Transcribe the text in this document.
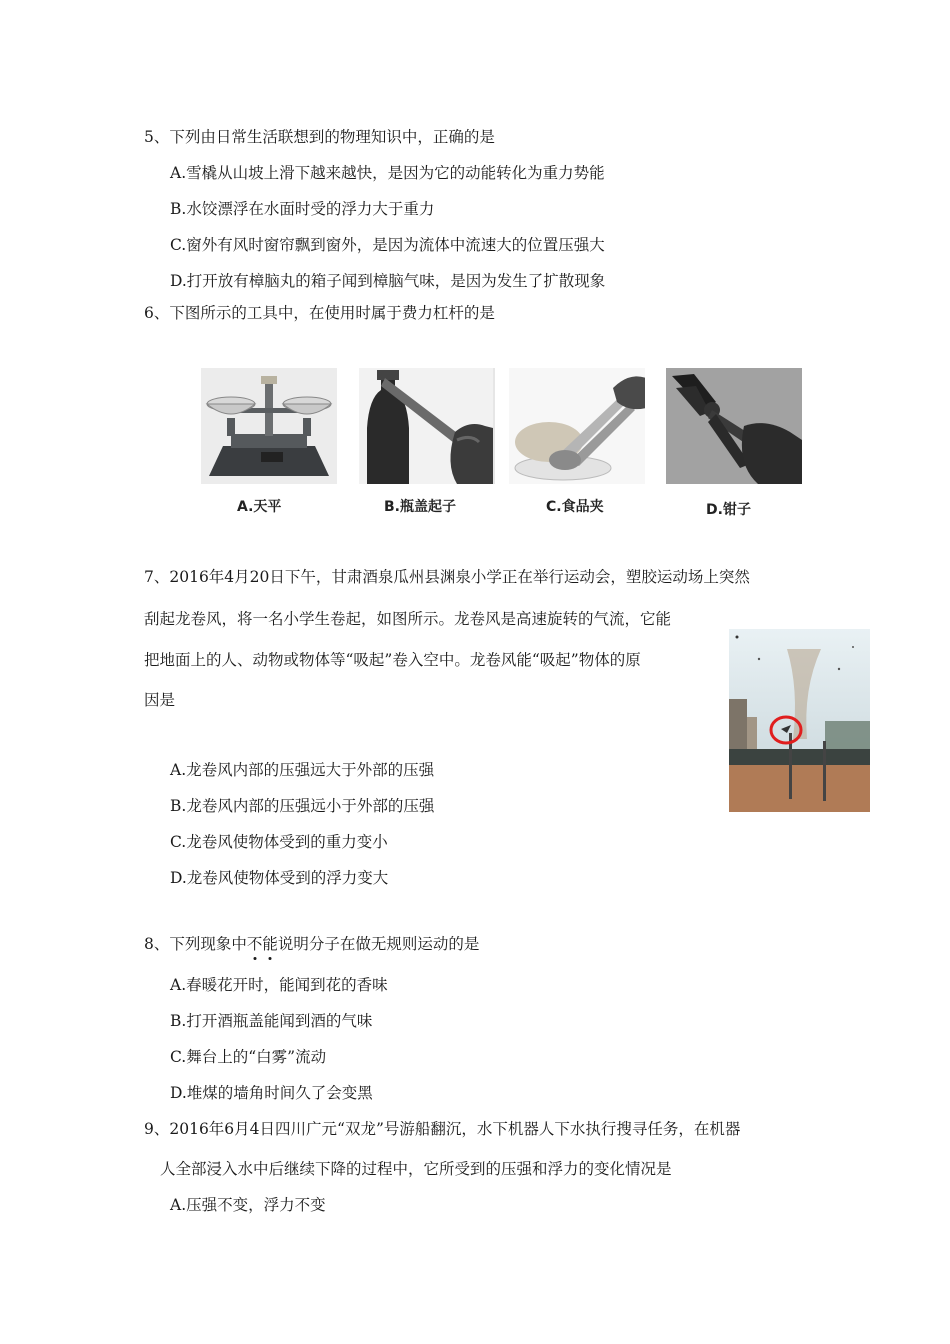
5、下列由日常生活联想到的物理知识中，正确的是
A.雪橇从山坡上滑下越来越快，是因为它的动能转化为重力势能
B.水饺漂浮在水面时受的浮力大于重力
C.窗外有风时窗帘飘到窗外，是因为流体中流速大的位置压强大
D.打开放有樟脑丸的箱子闻到樟脑气味，是因为发生了扩散现象
6、下图所示的工具中，在使用时属于费力杠杆的是
A.天平	B.瓶盖起子	C.食品夹	D.钳子
7、2016年4月20日下午，甘肃酒泉瓜州县渊泉小学正在举行运动会，塑胶运动场上突然
刮起龙卷风，将一名小学生卷起，如图所示。龙卷风是高速旋转的气流，它能
把地面上的人、动物或物体等“吸起”卷入空中。龙卷风能“吸起”物体的原
因是
A.龙卷风内部的压强远大于外部的压强
B.龙卷风内部的压强远小于外部的压强
C.龙卷风使物体受到的重力变小
D.龙卷风使物体受到的浮力变大
8、下列现象中不能说明分子在做无规则运动的是
A.春暖花开时，能闻到花的香味
B.打开酒瓶盖能闻到酒的气味
C.舞台上的“白雾”流动
D.堆煤的墙角时间久了会变黑
9、2016年6月4日四川广元“双龙”号游船翻沉，水下机器人下水执行搜寻任务，在机器
人全部浸入水中后继续下降的过程中，它所受到的压强和浮力的变化情况是
A.压强不变，浮力不变
